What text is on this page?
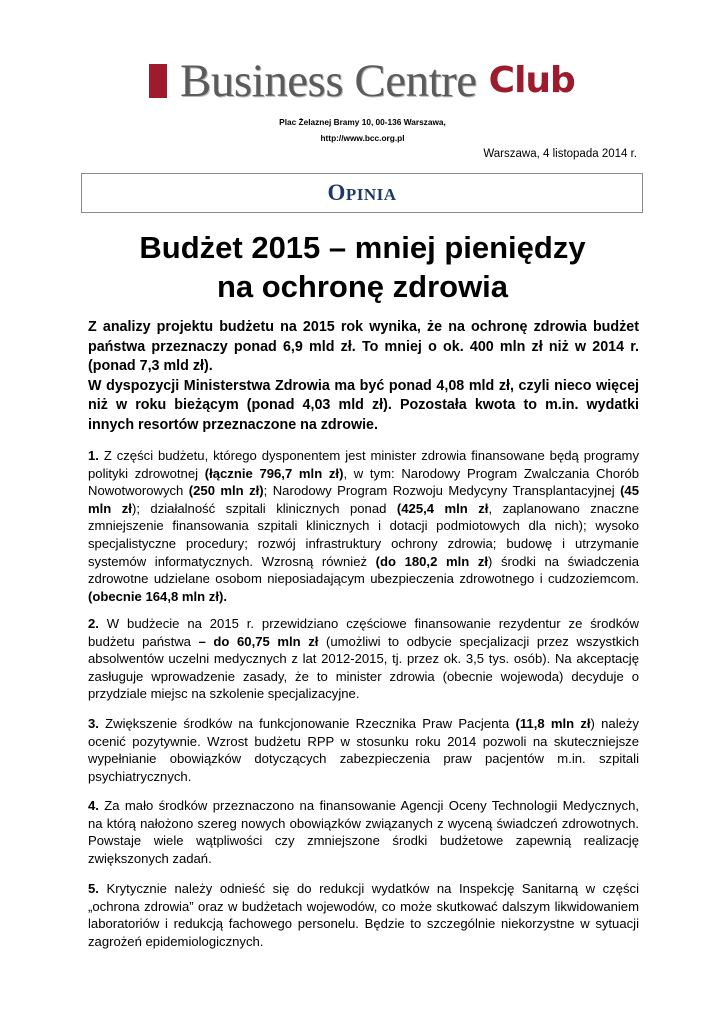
Business Centre Club
Plac Żelaznej Bramy 10, 00-136 Warszawa,
http://www.bcc.org.pl
Warszawa, 4 listopada 2014 r.
OPINIA
Budżet 2015 – mniej pieniędzy
na ochronę zdrowia

Z analizy projektu budżetu na 2015 rok wynika, że na ochronę zdrowia budżet państwa przeznaczy ponad 6,9 mld zł. To mniej o ok. 400 mln zł niż w 2014 r. (ponad 7,3 mld zł).

W dyspozycji Ministerstwa Zdrowia ma być ponad 4,08 mld zł, czyli nieco więcej niż w roku bieżącym (ponad 4,03 mld zł). Pozostała kwota to m.in. wydatki innych resortów przeznaczone na zdrowie.

1. Z części budżetu, którego dysponentem jest minister zdrowia finansowane będą programy polityki zdrowotnej (łącznie 796,7 mln zł), w tym: Narodowy Program Zwalczania Chorób Nowotworowych (250 mln zł); Narodowy Program Rozwoju Medycyny Transplantacyjnej (45 mln zł); działalność szpitali klinicznych ponad (425,4 mln zł, zaplanowano znaczne zmniejszenie finansowania szpitali klinicznych i dotacji podmiotowych dla nich); wysoko specjalistyczne procedury; rozwój infrastruktury ochrony zdrowia; budowę i utrzymanie systemów informatycznych. Wzrosną również (do 180,2 mln zł) środki na świadczenia zdrowotne udzielane osobom nieposiadającym ubezpieczenia zdrowotnego i cudzoziemcom. (obecnie 164,8 mln zł).
2. W budżecie na 2015 r. przewidziano częściowe finansowanie rezydentur ze środków budżetu państwa – do 60,75 mln zł (umożliwi to odbycie specjalizacji przez wszystkich absolwentów uczelni medycznych z lat 2012-2015, tj. przez ok. 3,5 tys. osób). Na akceptację zasługuje wprowadzenie zasady, że to minister zdrowia (obecnie wojewoda) decyduje o przydziale miejsc na szkolenie specjalizacyjne.
3. Zwiększenie środków na funkcjonowanie Rzecznika Praw Pacjenta (11,8 mln zł) należy ocenić pozytywnie. Wzrost budżetu RPP w stosunku roku 2014 pozwoli na skuteczniejsze wypełnianie obowiązków dotyczących zabezpieczenia praw pacjentów m.in. szpitali psychiatrycznych.
4. Za mało środków przeznaczono na finansowanie Agencji Oceny Technologii Medycznych, na którą nałożono szereg nowych obowiązków związanych z wyceną świadczeń zdrowotnych. Powstaje wiele wątpliwości czy zmniejszone środki budżetowe zapewnią realizację zwiększonych zadań.
5. Krytycznie należy odnieść się do redukcji wydatków na Inspekcję Sanitarną w części „ochrona zdrowia” oraz w budżetach wojewodów, co może skutkować dalszym likwidowaniem laboratoriów i redukcją fachowego personelu. Będzie to szczególnie niekorzystne w sytuacji zagrożeń epidemiologicznych.
